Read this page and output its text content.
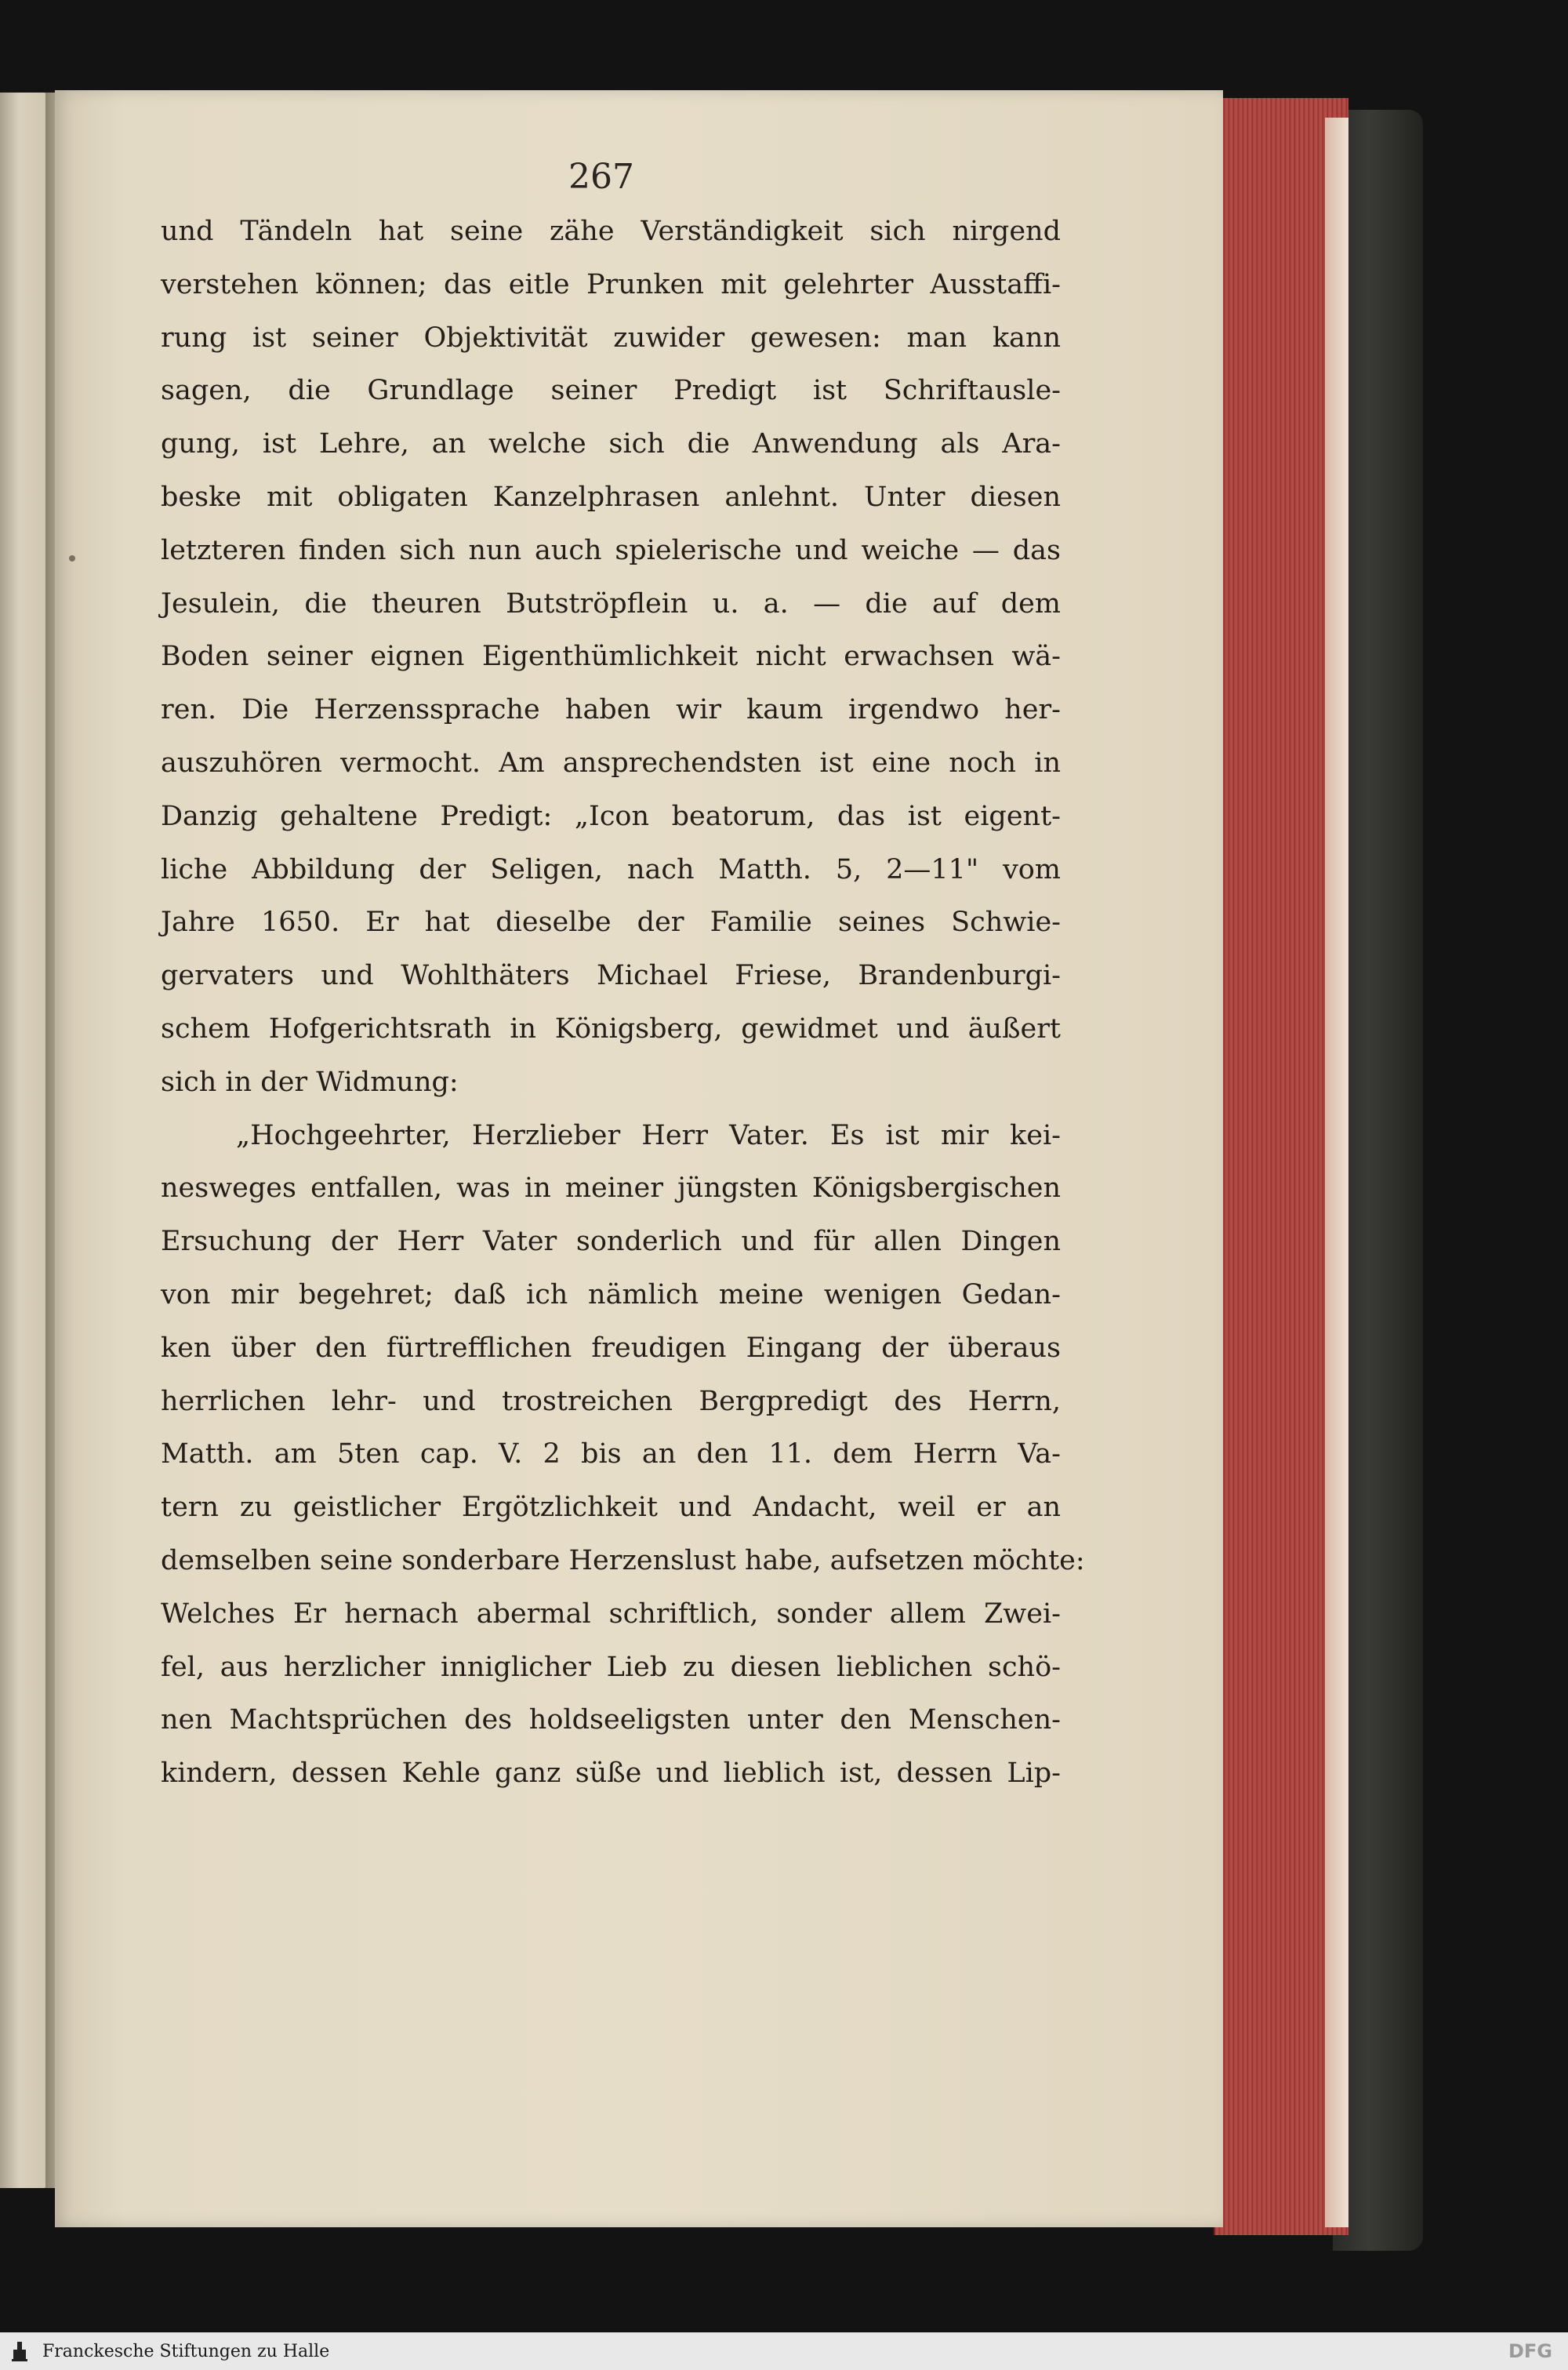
267
und Tändeln hat seine zähe Verständigkeit sich nirgend
verstehen können; das eitle Prunken mit gelehrter Ausstaffi-
rung ist seiner Objektivität zuwider gewesen: man kann
sagen, die Grundlage seiner Predigt ist Schriftausle-
gung, ist Lehre, an welche sich die Anwendung als Ara-
beske mit obligaten Kanzelphrasen anlehnt. Unter diesen
letzteren finden sich nun auch spielerische und weiche — das
Jesulein, die theuren Butströpflein u. a. — die auf dem
Boden seiner eignen Eigenthümlichkeit nicht erwachsen wä-
ren. Die Herzenssprache haben wir kaum irgendwo her-
auszuhören vermocht. Am ansprechendsten ist eine noch in
Danzig gehaltene Predigt: „Icon beatorum, das ist eigent-
liche Abbildung der Seligen, nach Matth. 5, 2—11" vom
Jahre 1650. Er hat dieselbe der Familie seines Schwie-
gervaters und Wohlthäters Michael Friese, Brandenburgi-
schem Hofgerichtsrath in Königsberg, gewidmet und äußert
sich in der Widmung:
„Hochgeehrter, Herzlieber Herr Vater. Es ist mir kei-
nesweges entfallen, was in meiner jüngsten Königsbergischen
Ersuchung der Herr Vater sonderlich und für allen Dingen
von mir begehret; daß ich nämlich meine wenigen Gedan-
ken über den fürtrefflichen freudigen Eingang der überaus
herrlichen lehr- und trostreichen Bergpredigt des Herrn,
Matth. am 5ten cap. V. 2 bis an den 11. dem Herrn Va-
tern zu geistlicher Ergötzlichkeit und Andacht, weil er an
demselben seine sonderbare Herzenslust habe, aufsetzen möchte:
Welches Er hernach abermal schriftlich, sonder allem Zwei-
fel, aus herzlicher inniglicher Lieb zu diesen lieblichen schö-
nen Machtsprüchen des holdseeligsten unter den Menschen-
kindern, dessen Kehle ganz süße und lieblich ist, dessen Lip-
Franckesche Stiftungen zu Halle	DFG
